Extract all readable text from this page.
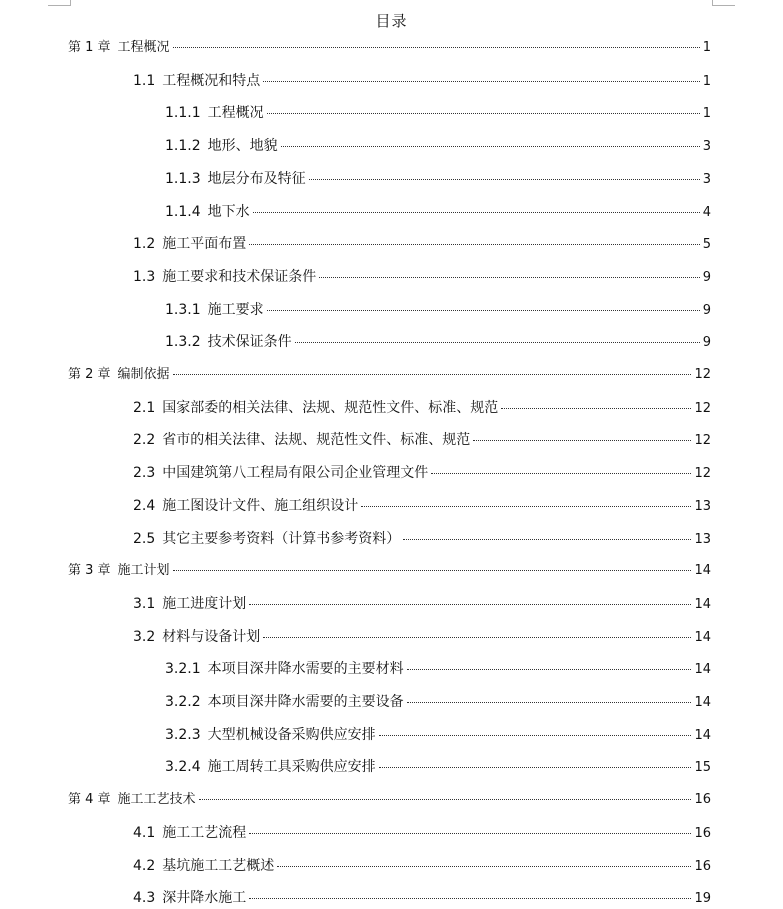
目录
第 1 章 工程概况	1
1.1 工程概况和特点	1
1.1.1 工程概况	1
1.1.2 地形、地貌	3
1.1.3 地层分布及特征	3
1.1.4 地下水	4
1.2 施工平面布置	5
1.3 施工要求和技术保证条件	9
1.3.1 施工要求	9
1.3.2 技术保证条件	9
第 2 章 编制依据	12
2.1 国家部委的相关法律、法规、规范性文件、标准、规范	12
2.2 省市的相关法律、法规、规范性文件、标准、规范	12
2.3 中国建筑第八工程局有限公司企业管理文件	12
2.4 施工图设计文件、施工组织设计	13
2.5 其它主要参考资料（计算书参考资料）	13
第 3 章 施工计划	14
3.1 施工进度计划	14
3.2 材料与设备计划	14
3.2.1 本项目深井降水需要的主要材料	14
3.2.2 本项目深井降水需要的主要设备	14
3.2.3 大型机械设备采购供应安排	14
3.2.4 施工周转工具采购供应安排	15
第 4 章 施工工艺技术	16
4.1 施工工艺流程	16
4.2 基坑施工工艺概述	16
4.3 深井降水施工	19
